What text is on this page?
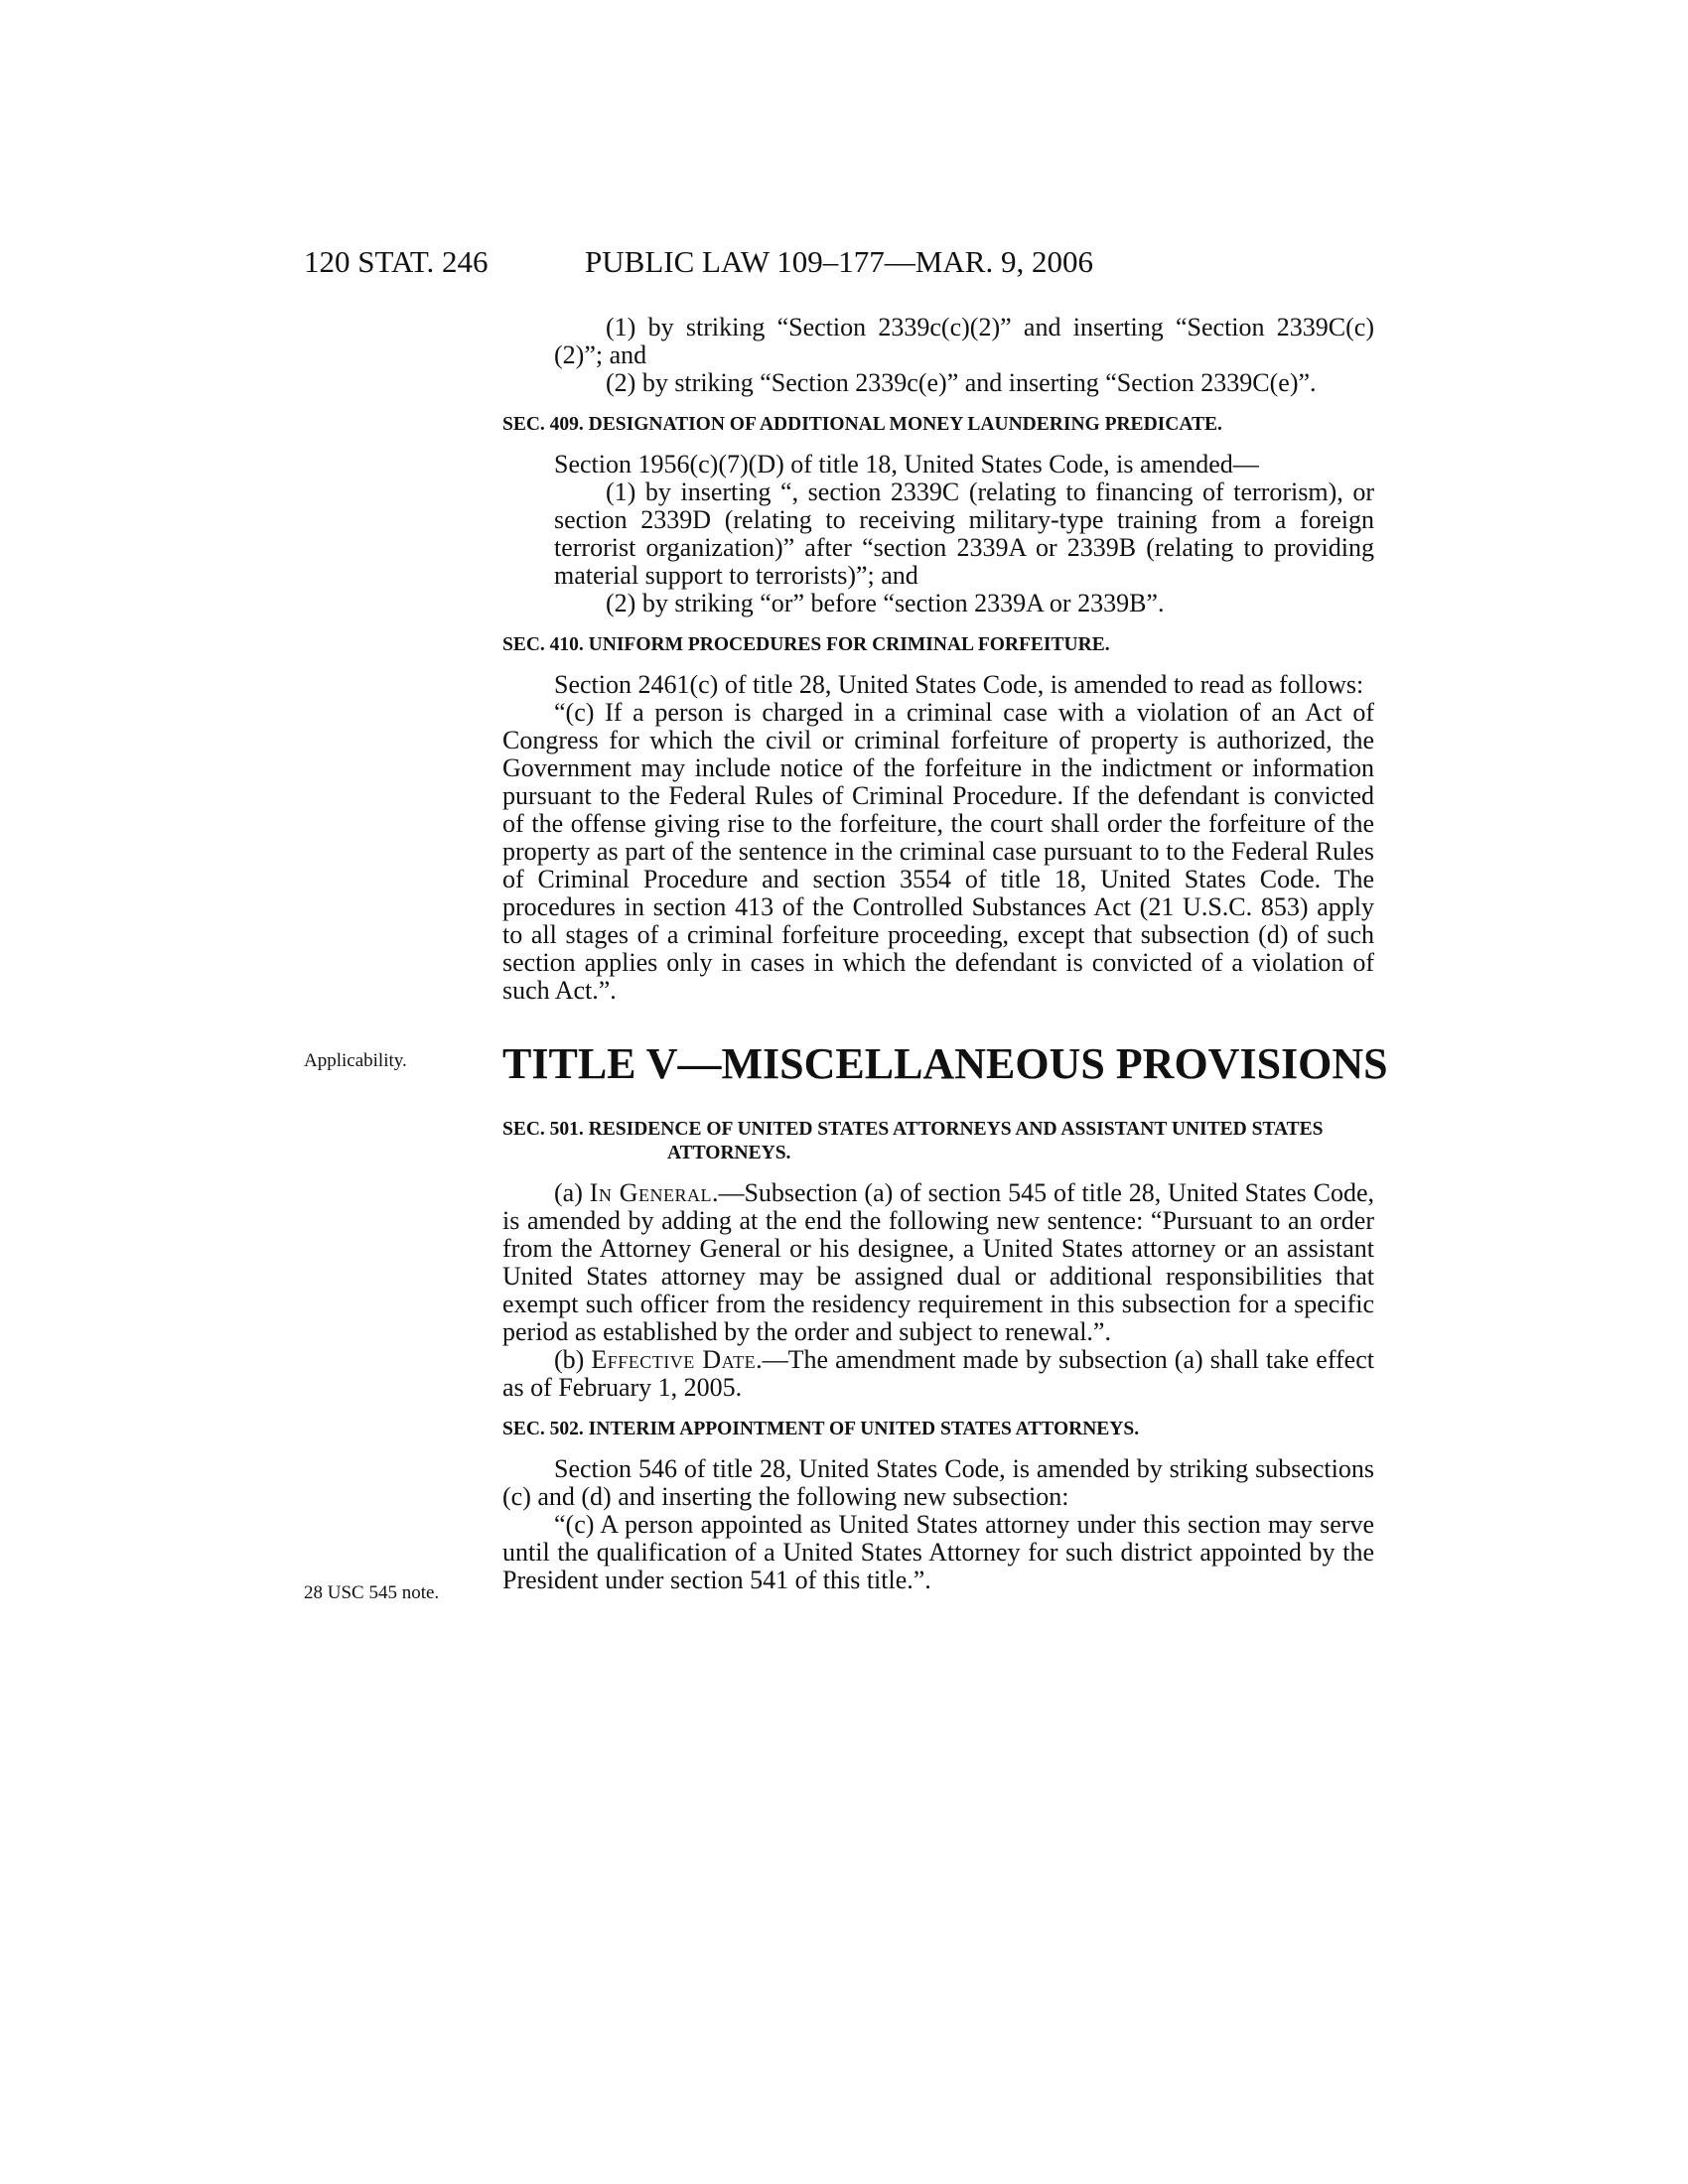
120 STAT. 246	PUBLIC LAW 109–177—MAR. 9, 2006
Applicability.
28 USC 545 note.

(1) by striking “Section 2339c(c)(2)” and inserting “Section 2339C(c)(2)”; and

(2) by striking “Section 2339c(e)” and inserting “Section 2339C(e)”.

SEC. 409. DESIGNATION OF ADDITIONAL MONEY LAUNDERING PREDICATE.

Section 1956(c)(7)(D) of title 18, United States Code, is amended—

(1) by inserting “, section 2339C (relating to financing of terrorism), or section 2339D (relating to receiving military-type training from a foreign terrorist organization)” after “section 2339A or 2339B (relating to providing material support to terrorists)”; and

(2) by striking “or” before “section 2339A or 2339B”.

SEC. 410. UNIFORM PROCEDURES FOR CRIMINAL FORFEITURE.

Section 2461(c) of title 28, United States Code, is amended to read as follows:

“(c) If a person is charged in a criminal case with a violation of an Act of Congress for which the civil or criminal forfeiture of property is authorized, the Government may include notice of the forfeiture in the indictment or information pursuant to the Federal Rules of Criminal Procedure. If the defendant is convicted of the offense giving rise to the forfeiture, the court shall order the forfeiture of the property as part of the sentence in the criminal case pursuant to to the Federal Rules of Criminal Procedure and section 3554 of title 18, United States Code. The procedures in section 413 of the Controlled Substances Act (21 U.S.C. 853) apply to all stages of a criminal forfeiture proceeding, except that subsection (d) of such section applies only in cases in which the defendant is convicted of a violation of such Act.”.

TITLE V—MISCELLANEOUS PROVISIONS
SEC. 501. RESIDENCE OF UNITED STATES ATTORNEYS AND ASSISTANT UNITED STATES ATTORNEYS.

(a) In General.—Subsection (a) of section 545 of title 28, United States Code, is amended by adding at the end the following new sentence: “Pursuant to an order from the Attorney General or his designee, a United States attorney or an assistant United States attorney may be assigned dual or additional responsibilities that exempt such officer from the residency requirement in this subsection for a specific period as established by the order and subject to renewal.”.

(b) Effective Date.—The amendment made by subsection (a) shall take effect as of February 1, 2005.

SEC. 502. INTERIM APPOINTMENT OF UNITED STATES ATTORNEYS.

Section 546 of title 28, United States Code, is amended by striking subsections (c) and (d) and inserting the following new subsection:

“(c) A person appointed as United States attorney under this section may serve until the qualification of a United States Attorney for such district appointed by the President under section 541 of this title.”.
